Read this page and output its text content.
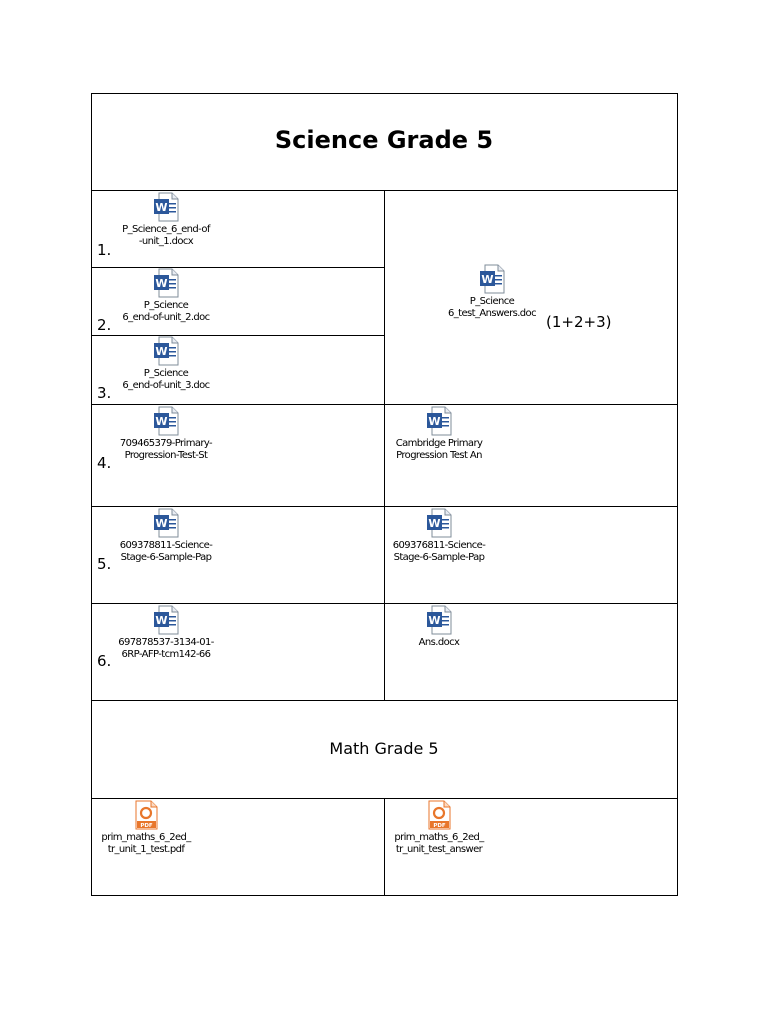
Science Grade 5
Math Grade 5
1.
2.
3.
4.
5.
6.
(1+2+3)
W
P_Science_6_end-of
-unit_1.docx
W
P_Science
6_end-of-unit_2.doc
W
P_Science
6_end-of-unit_3.doc
W
P_Science
6_test_Answers.doc
W
709465379-Primary-
Progression-Test-St
W
Cambridge Primary
Progression Test An
W
609378811-Science-
Stage-6-Sample-Pap
W
609376811-Science-
Stage-6-Sample-Pap
W
697878537-3134-01-
6RP-AFP-tcm142-66
W
Ans.docx
PDF
prim_maths_6_2ed_
tr_unit_1_test.pdf
PDF
prim_maths_6_2ed_
tr_unit_test_answer
